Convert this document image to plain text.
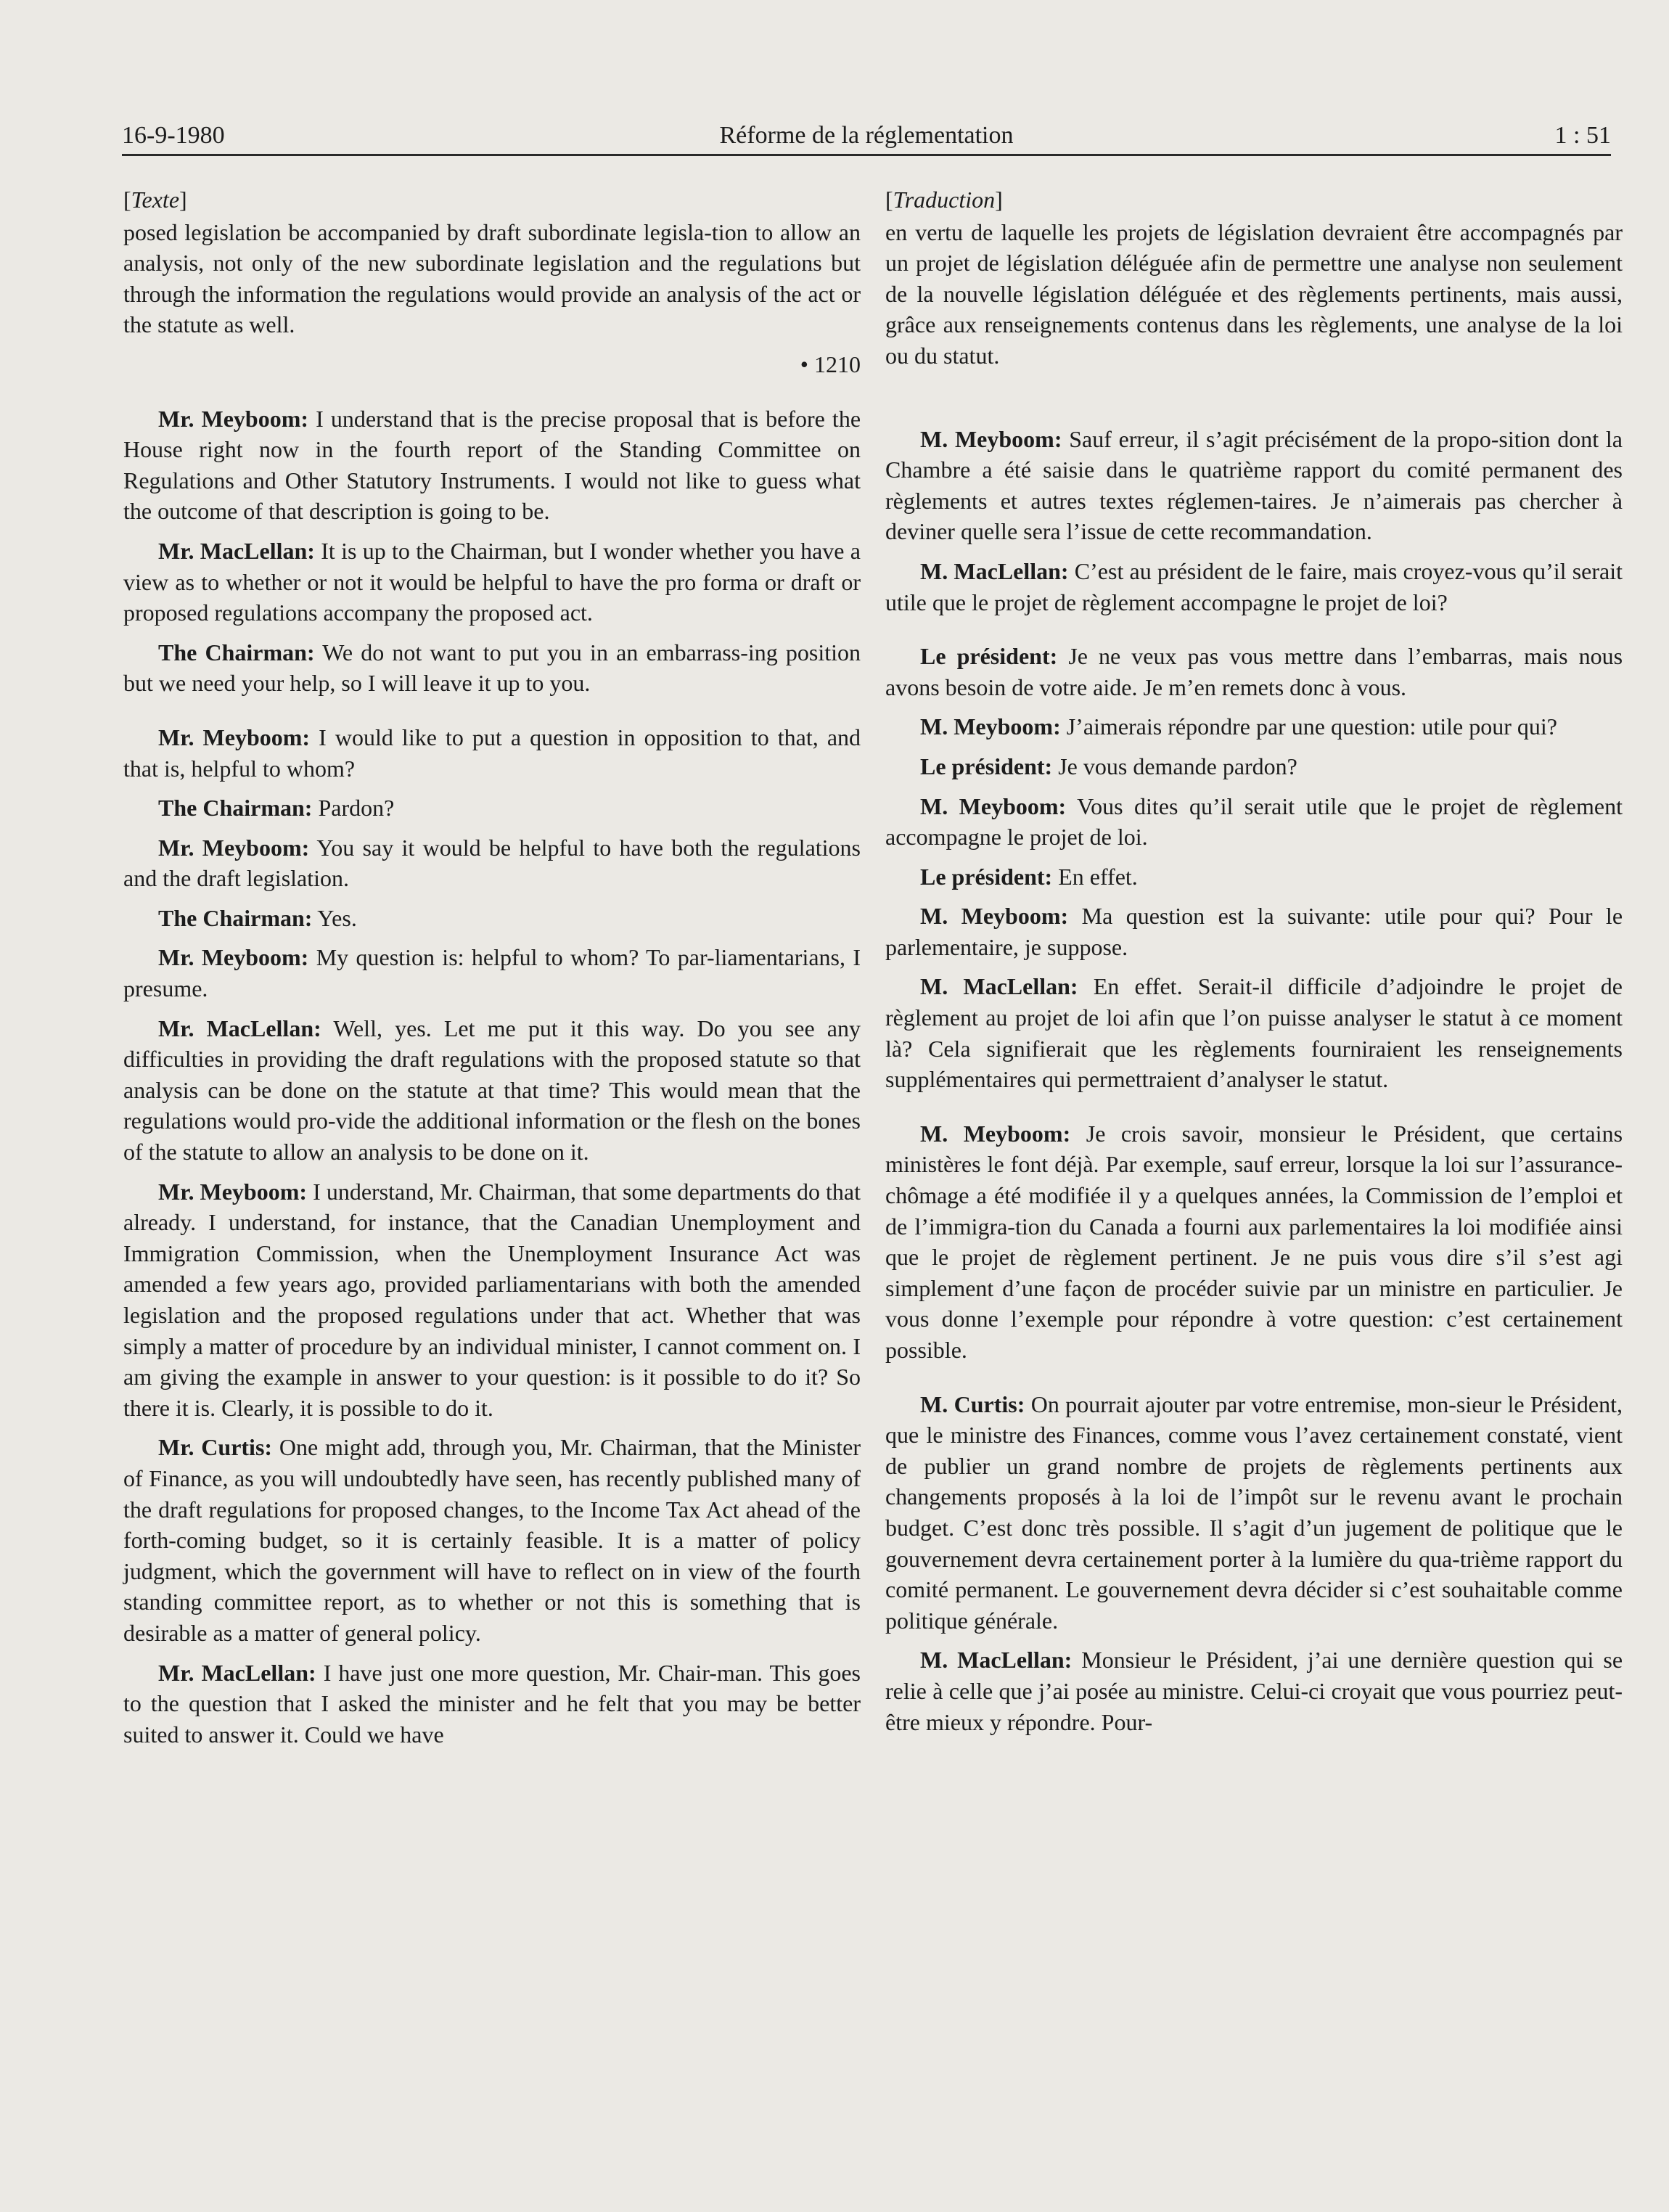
16-9-1980	Réforme de la réglementation	1 : 51
[Texte]

posed legislation be accompanied by draft subordinate legisla-tion to allow an analysis, not only of the new subordinate legislation and the regulations but through the information the regulations would provide an analysis of the act or the statute as well.

• 1210

Mr. Meyboom: I understand that is the precise proposal that is before the House right now in the fourth report of the Standing Committee on Regulations and Other Statutory Instruments. I would not like to guess what the outcome of that description is going to be.

Mr. MacLellan: It is up to the Chairman, but I wonder whether you have a view as to whether or not it would be helpful to have the pro forma or draft or proposed regulations accompany the proposed act.

The Chairman: We do not want to put you in an embarrass-ing position but we need your help, so I will leave it up to you.

Mr. Meyboom: I would like to put a question in opposition to that, and that is, helpful to whom?

The Chairman: Pardon?

Mr. Meyboom: You say it would be helpful to have both the regulations and the draft legislation.

The Chairman: Yes.

Mr. Meyboom: My question is: helpful to whom? To par-liamentarians, I presume.

Mr. MacLellan: Well, yes. Let me put it this way. Do you see any difficulties in providing the draft regulations with the proposed statute so that analysis can be done on the statute at that time? This would mean that the regulations would pro-vide the additional information or the flesh on the bones of the statute to allow an analysis to be done on it.

Mr. Meyboom: I understand, Mr. Chairman, that some departments do that already. I understand, for instance, that the Canadian Unemployment and Immigration Commission, when the Unemployment Insurance Act was amended a few years ago, provided parliamentarians with both the amended legislation and the proposed regulations under that act. Whether that was simply a matter of procedure by an individual minister, I cannot comment on. I am giving the example in answer to your question: is it possible to do it? So there it is. Clearly, it is possible to do it.

Mr. Curtis: One might add, through you, Mr. Chairman, that the Minister of Finance, as you will undoubtedly have seen, has recently published many of the draft regulations for proposed changes, to the Income Tax Act ahead of the forth-coming budget, so it is certainly feasible. It is a matter of policy judgment, which the government will have to reflect on in view of the fourth standing committee report, as to whether or not this is something that is desirable as a matter of general policy.

Mr. MacLellan: I have just one more question, Mr. Chair-man. This goes to the question that I asked the minister and he felt that you may be better suited to answer it. Could we have

[Traduction]

en vertu de laquelle les projets de législation devraient être accompagnés par un projet de législation déléguée afin de permettre une analyse non seulement de la nouvelle législation déléguée et des règlements pertinents, mais aussi, grâce aux renseignements contenus dans les règlements, une analyse de la loi ou du statut.

M. Meyboom: Sauf erreur, il s’agit précisément de la propo-sition dont la Chambre a été saisie dans le quatrième rapport du comité permanent des règlements et autres textes réglemen-taires. Je n’aimerais pas chercher à deviner quelle sera l’issue de cette recommandation.

M. MacLellan: C’est au président de le faire, mais croyez-vous qu’il serait utile que le projet de règlement accompagne le projet de loi?

Le président: Je ne veux pas vous mettre dans l’embarras, mais nous avons besoin de votre aide. Je m’en remets donc à vous.

M. Meyboom: J’aimerais répondre par une question: utile pour qui?

Le président: Je vous demande pardon?

M. Meyboom: Vous dites qu’il serait utile que le projet de règlement accompagne le projet de loi.

Le président: En effet.

M. Meyboom: Ma question est la suivante: utile pour qui? Pour le parlementaire, je suppose.

M. MacLellan: En effet. Serait-il difficile d’adjoindre le projet de règlement au projet de loi afin que l’on puisse analyser le statut à ce moment là? Cela signifierait que les règlements fourniraient les renseignements supplémentaires qui permettraient d’analyser le statut.

M. Meyboom: Je crois savoir, monsieur le Président, que certains ministères le font déjà. Par exemple, sauf erreur, lorsque la loi sur l’assurance-chômage a été modifiée il y a quelques années, la Commission de l’emploi et de l’immigra-tion du Canada a fourni aux parlementaires la loi modifiée ainsi que le projet de règlement pertinent. Je ne puis vous dire s’il s’est agi simplement d’une façon de procéder suivie par un ministre en particulier. Je vous donne l’exemple pour répondre à votre question: c’est certainement possible.

M. Curtis: On pourrait ajouter par votre entremise, mon-sieur le Président, que le ministre des Finances, comme vous l’avez certainement constaté, vient de publier un grand nombre de projets de règlements pertinents aux changements proposés à la loi de l’impôt sur le revenu avant le prochain budget. C’est donc très possible. Il s’agit d’un jugement de politique que le gouvernement devra certainement porter à la lumière du qua-trième rapport du comité permanent. Le gouvernement devra décider si c’est souhaitable comme politique générale.

M. MacLellan: Monsieur le Président, j’ai une dernière question qui se relie à celle que j’ai posée au ministre. Celui-ci croyait que vous pourriez peut-être mieux y répondre. Pour-
